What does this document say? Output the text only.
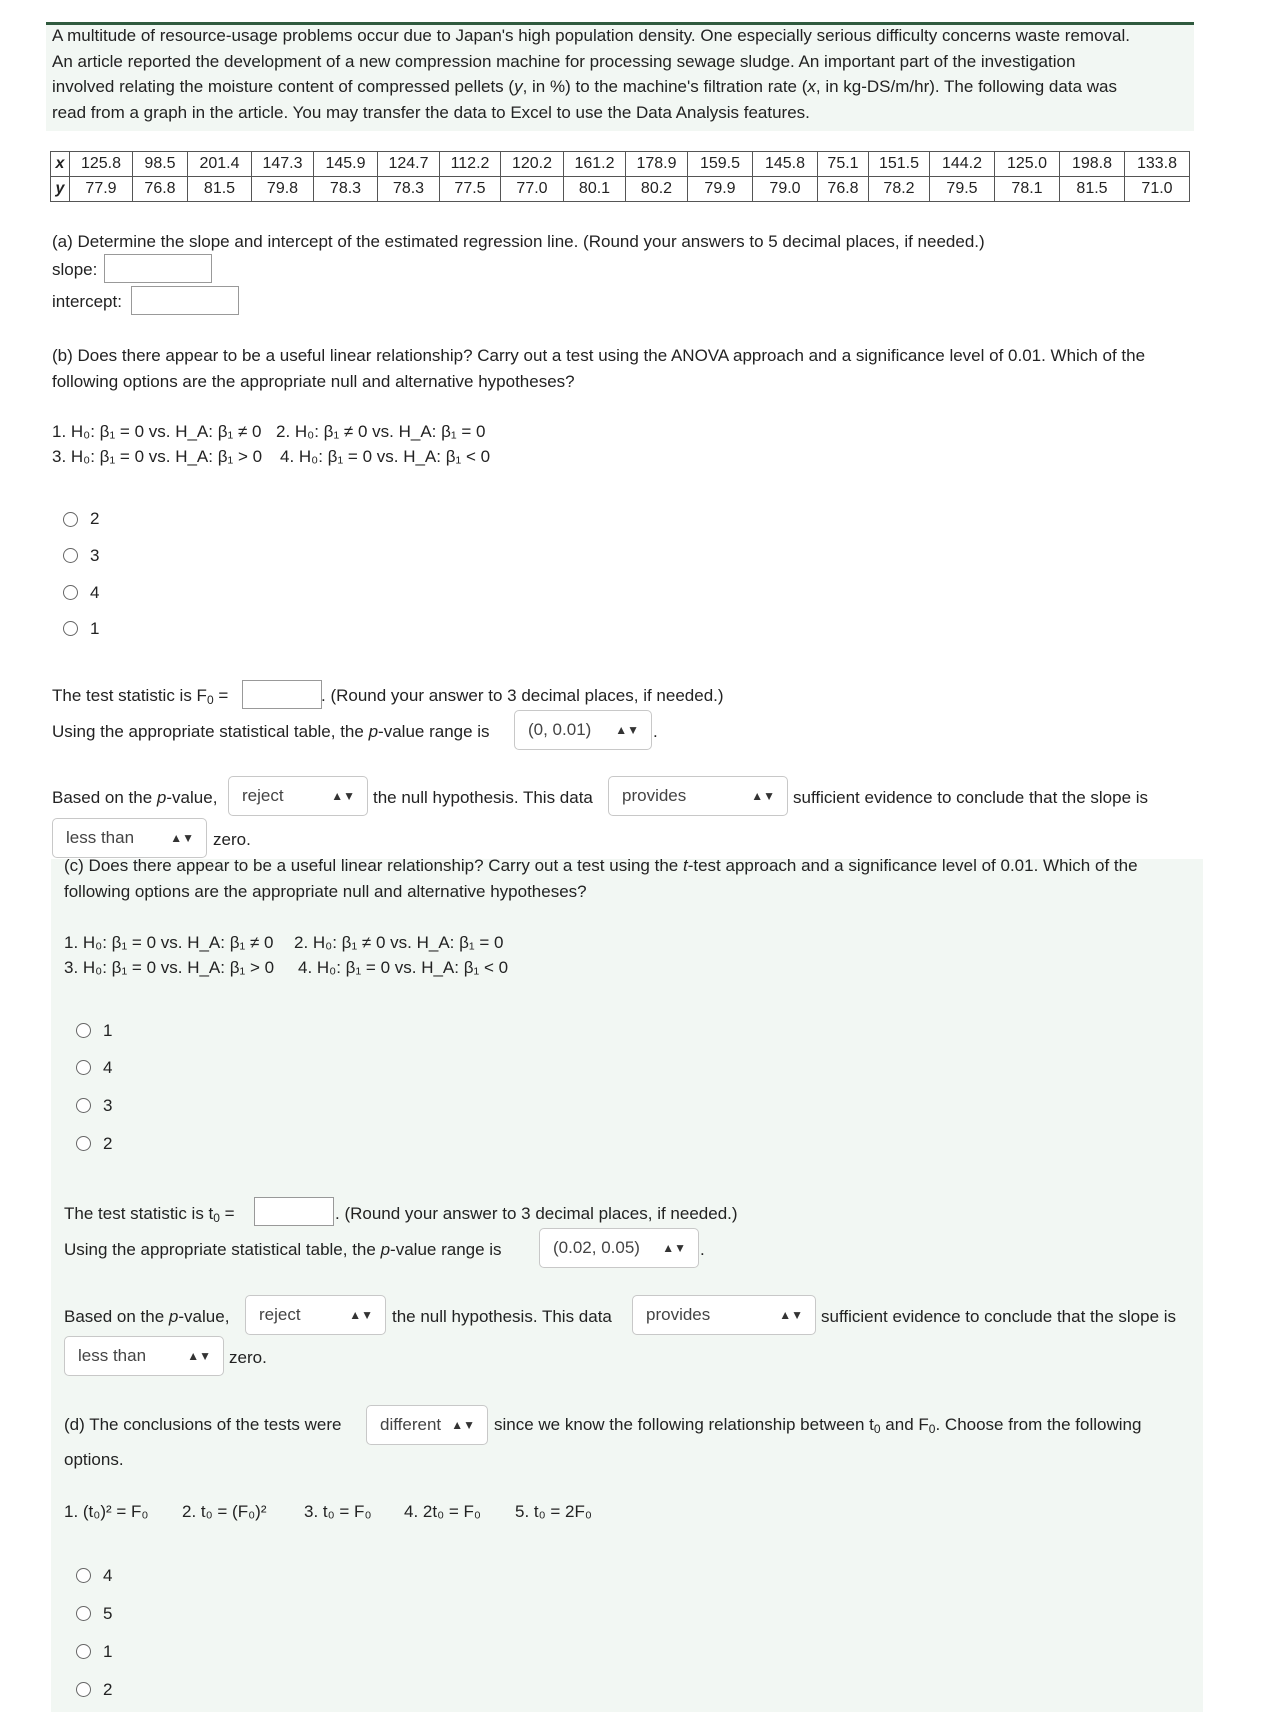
A multitude of resource-usage problems occur due to Japan's high population density. One especially serious difficulty concerns waste removal.
An article reported the development of a new compression machine for processing sewage sludge. An important part of the investigation
involved relating the moisture content of compressed pellets (y, in %) to the machine's filtration rate (x, in kg-DS/m/hr). The following data was
read from a graph in the article. You may transfer the data to Excel to use the Data Analysis features.
x	125.8	98.5	201.4	147.3	145.9	124.7	112.2	120.2	161.2	178.9	159.5	145.8	75.1	151.5	144.2	125.0	198.8	133.8
y	77.9	76.8	81.5	79.8	78.3	78.3	77.5	77.0	80.1	80.2	79.9	79.0	76.8	78.2	79.5	78.1	81.5	71.0
(a) Determine the slope and intercept of the estimated regression line. (Round your answers to 5 decimal places, if needed.)
slope:
intercept:
(b) Does there appear to be a useful linear relationship? Carry out a test using the ANOVA approach and a significance level of 0.01. Which of the
following options are the appropriate null and alternative hypotheses?
1. H₀: β₁ = 0 vs. H_A: β₁ ≠ 0 2. H₀: β₁ ≠ 0 vs. H_A: β₁ = 0
3. H₀: β₁ = 0 vs. H_A: β₁ > 0 4. H₀: β₁ = 0 vs. H_A: β₁ < 0
2
3
4
1
The test statistic is $F_0$ =	. (Round your answer to 3 decimal places, if needed.)
Using the appropriate statistical table, the p-value range is	(0, 0.01) ▲▼ .
Based on the p-value,	reject	▲▼ the null hypothesis. This data	provides	▲▼ sufficient evidence to conclude that the slope is
less than	▲▼ zero.
(c) Does there appear to be a useful linear relationship? Carry out a test using the t-test approach and a significance level of 0.01. Which of the
following options are the appropriate null and alternative hypotheses?
1. H₀: β₁ = 0 vs. H_A: β₁ ≠ 0 2. H₀: β₁ ≠ 0 vs. H_A: β₁ = 0
3. H₀: β₁ = 0 vs. H_A: β₁ > 0 4. H₀: β₁ = 0 vs. H_A: β₁ < 0
1
4
3
2
The test statistic is $t_0$ =	. (Round your answer to 3 decimal places, if needed.)
Using the appropriate statistical table, the p-value range is	(0.02, 0.05) ▲▼ .
Based on the p-value,	reject	▲▼ the null hypothesis. This data	provides	▲▼ sufficient evidence to conclude that the slope is
less than	▲▼ zero.
(d) The conclusions of the tests were	different ▲▼ since we know the following relationship between $t_0$ and $F_0$. Choose from the following
options.
1. (t₀)² = F₀ 2. t₀ = (F₀)² 3. t₀ = F₀ 4. 2t₀ = F₀ 5. t₀ = 2F₀
4
5
1
2
